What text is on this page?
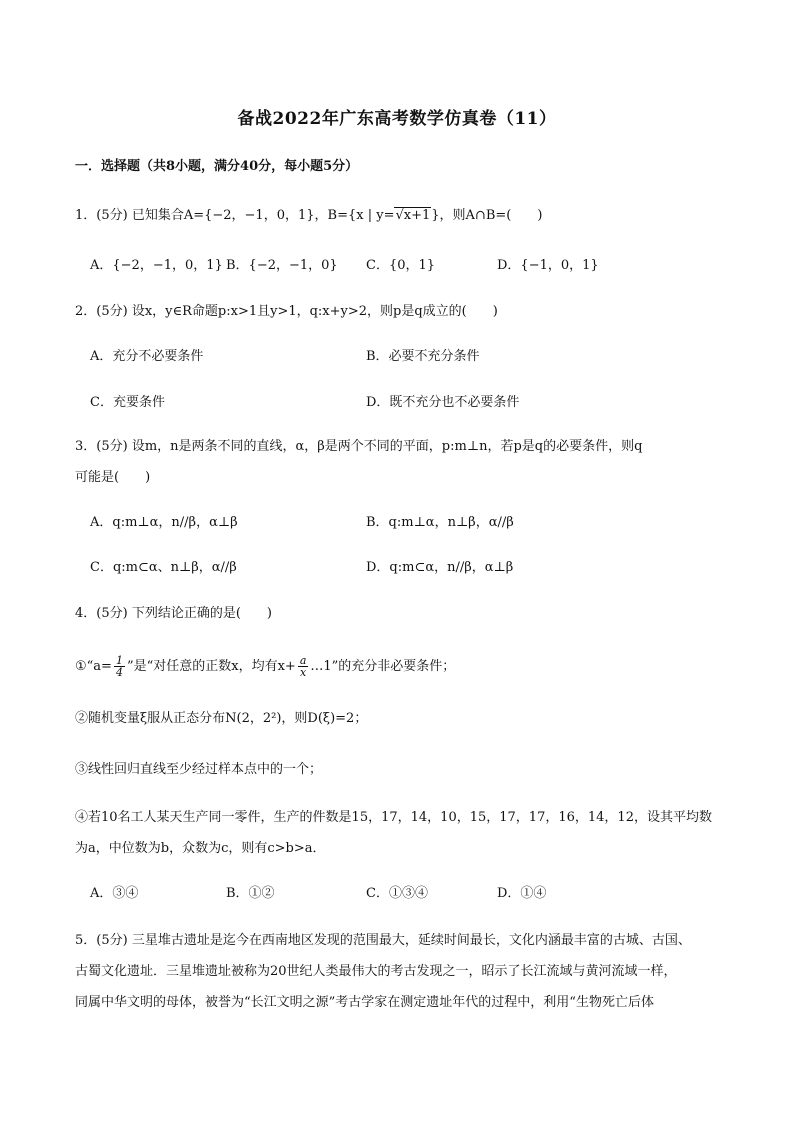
备战2022年广东高考数学仿真卷（11）
一．选择题（共8小题，满分40分，每小题5分）
1．(5分) 已知集合A={−2，−1，0，1}，B={x | y=√x+1}，则A∩B=(　　)
A．{−2，−1，0，1} B．{−2，−1，0} C．{0，1}	D．{−1，0，1}
2．(5分) 设x，y∈R命题p:x>1且y>1，q:x+y>2，则p是q成立的(　　)
A．充分不必要条件	B．必要不充分条件
C．充要条件	D．既不充分也不必要条件
3．(5分) 设m，n是两条不同的直线，α，β是两个不同的平面，p:m⊥n，若p是q的必要条件，则q
可能是(　　)
A．q:m⊥α，n//β，α⊥β	B．q:m⊥α，n⊥β，α//β
C．q:m⊂α、n⊥β，α//β	D．q:m⊂α，n//β，α⊥β
4．(5分) 下列结论正确的是(　　)
①“a= $\frac{1}{4}$ ”是“对任意的正数x，均有$x+ \frac{a}{x}$ …1”的充分非必要条件；
②随机变量ξ服从正态分布N(2，2²)，则D(ξ)=2；
③线性回归直线至少经过样本点中的一个；
④若10名工人某天生产同一零件，生产的件数是15，17，14，10，15，17，17，16，14，12，设其平均数
为a，中位数为b，众数为c，则有c>b>a．
A．③④	B．①②	C．①③④	D．①④
5．(5分) 三星堆古遗址是迄今在西南地区发现的范围最大，延续时间最长，文化内涵最丰富的古城、古国、
古蜀文化遗址．三星堆遗址被称为20世纪人类最伟大的考古发现之一，昭示了长江流域与黄河流域一样，
同属中华文明的母体，被誉为“长江文明之源”考古学家在测定遗址年代的过程中，利用“生物死亡后体
